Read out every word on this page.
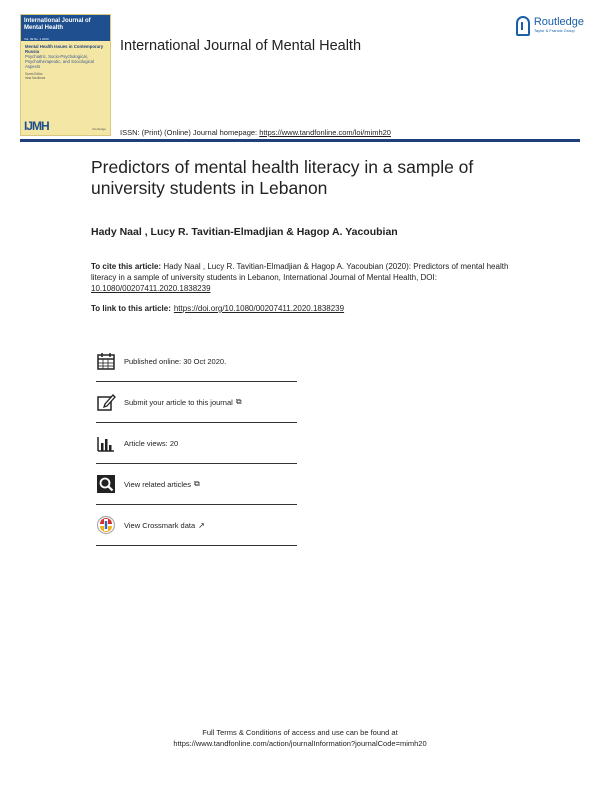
International Journal of Mental Health
Vol. 49 No. 1 2020
Mental Health Issues in Contemporary Russia
Psychiatric, Socio-Psychological, Psychotherapeutic, and Sociological Aspects
Guest Editor
Irina Novikova
IJMH	Routledge
International Journal of Mental Health
Routledge
Taylor & Francis Group
ISSN: (Print) (Online) Journal homepage: https://www.tandfonline.com/loi/mimh20
Predictors of mental health literacy in a sample of university students in Lebanon
Hady Naal , Lucy R. Tavitian-Elmadjian & Hagop A. Yacoubian
To cite this article: Hady Naal , Lucy R. Tavitian-Elmadjian & Hagop A. Yacoubian (2020): Predictors of mental health literacy in a sample of university students in Lebanon, International Journal of Mental Health, DOI: 10.1080/00207411.2020.1838239
To link to this article: https://doi.org/10.1080/00207411.2020.1838239
Published online: 30 Oct 2020.
Submit your article to this journal ⧉
Article views: 20
View related articles ⧉
View Crossmark data ↗
Full Terms & Conditions of access and use can be found at
https://www.tandfonline.com/action/journalInformation?journalCode=mimh20
